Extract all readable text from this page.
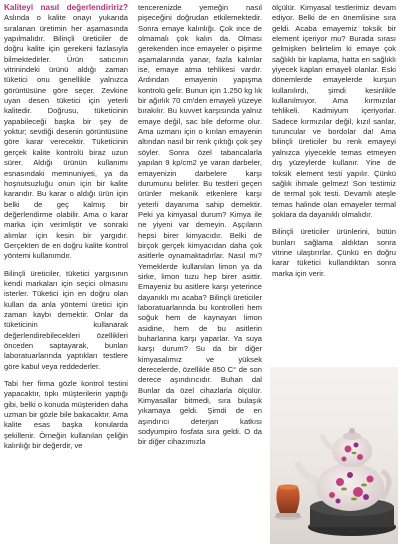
Kaliteyi nasıl değerlendiririz? Aslında o kalite onayı yukarıda sıralanan üretimin her aşamasında yapılmalıdır. Bilinçli üreticiler de doğru kalite için gerekeni fazlasıyla bilmektedirler. Ürün satıcının vitrinindeki ürünü aldığı zaman tüketici onu genellikle yalnızca görüntüsüne göre seçer. Zevkine uyan desen tüketici için yeterli kalitedir. Doğrusu, tüketicinin yapabileceği başka bir şey de yoktur; sevdiği desenin görüntüsüne göre karar verecektir. Tüketicinin gerçek kalite kontrolü biraz uzun sürer. Aldığı ürünün kullanımı esnasındaki memnuniyeti, ya da hoşnutsuzluğu onun için bir kalite kararıdır. Bu karar o aldığı ürün için belki de geç kalmış bir değerlendirme olabilir. Ama o karar marka için verimliştir ve sonraki alımlar için kesin bir yargıdır. Gerçekten de en doğru kalite kontrol yöntemi kullanımdır.

Bilinçli üreticiler, tüketici yargısının kendi markaları için seçici olmasını isterler. Tüketici için en doğru olan kullan da anla yöntemi üretici için zaman kaybı demektir. Onlar da tüketicinin kullanarak değerlendirebilecekleri özellikleri önceden saptayarak, bunları laboratuarlarında yaptıkları testlere göre kabul veya reddederler.

Tabi her firma gözle kontrol testini yapacaktır, tıpkı müşterilerin yaptığı gibi, belki o konuda müşteriden daha uzman bir gözle bile bakacaktır. Ama kalite esas başka konularda şekillenir. Örneğin kullanılan çeliğin kalınlığı bir değerdir, ve

tencerenizde yemeğin nasıl pişeceğini doğrudan etkilemektedir. Sonra emaye kalınlığı. Çok ince de olmamalı çok kalın da. Olması gerekenden ince emayeler o pişirme aşamalarında yanar, fazla kalınlar ise, emaye atma tehlikesi vardır. Ardından emayenin yapışma kontrolü gelir. Bunun için 1.250 kg lık bir ağırlık 70 cm'den emayeli yüzeye bırakılır. Bu kuvvet karşısında yalnız emaye değil, sac bile deforme olur. Ama uzmanı için o kırılan emayenin altından nasıl bir renk çıktığı çok şey söyler. Sonra özel tabancalarla yapılan 9 kp/cm2 ye varan darbeler, emayenizin darbelere karşı durumunu belirler. Bu testleri geçen ürünler mekanik etkenlere karşı yeterli dayanıma sahip demektir. Peki ya kimyasal durum? Kimya ile ne yiyeni var demeyin. Aşçıların hepsi birer kimyacıdır. Belki de birçok gerçek kimyacıdan daha çok asitlerle oynamaktadırlar. Nasıl mı? Yemeklerde kullanılan limon ya da sirke, limon tuzu hep birer asittir. Emayeniz bu asitlere karşı yeterince dayanıklı mı acaba? Bilinçli üreticiler laboratuarlarında bu kontrolleri hem soğuk hem de kaynayan limon asidine, hem de bu asitlerin buharlarına karşı yaparlar. Ya suya karşı durum? Su da bir diğer kimyasalımız ve yüksek derecelerde, özellikle 850 C° de son derece aşındırıcıdır. Buhan dal Bunlar da özel cihazlarla ölçülür. Kimyasallar bitmedi, sıra bulaşık yıkamaya geldi. Şimdi de en aşındırıcı deterjan katkısı sodyumpiro fosfata sıra geldi. O da bir diğer cihazımızla

ölçülür. Kimyasal testlerimiz devam ediyor. Belki de en önemlisine sıra geldi. Acaba emayemiz toksik bir element içeriyor mu? Burada sırası gelmişken belirtelim ki emaye çok sağlıklı bir kaplama, hatta en sağlıklı yiyecek kapları emayeli olanlar. Eski dönemlerde emayelerde kurşun kullanılırdı, şimdi kesinlikle kullanılmıyor. Ama kırmızılar tehlikeli. Kadmiyum içeriyorlar. Sadece kırmızılar değil, kızıl sarılar, turuncular ve bordolar da! Ama bilinçli üreticiler bu renk emayeyi yalnızca yiyecekle temas etmeyen dış yüzeylerde kullanır. Yine de toksik element testi yapılır. Çünkü sağlık ihmale gelmez! Son testimiz de termal şok testi. Devamlı ateşle temas halinde olan emayeler termal şoklara da dayanıklı olmalıdır.

Bilinçli üreticiler ürünlerini, bütün bunları sağlama aldıktan sonra vitrine ulaştırırlar. Çünkü en doğru karar tüketici kullandıktan sonra marka için verir.
